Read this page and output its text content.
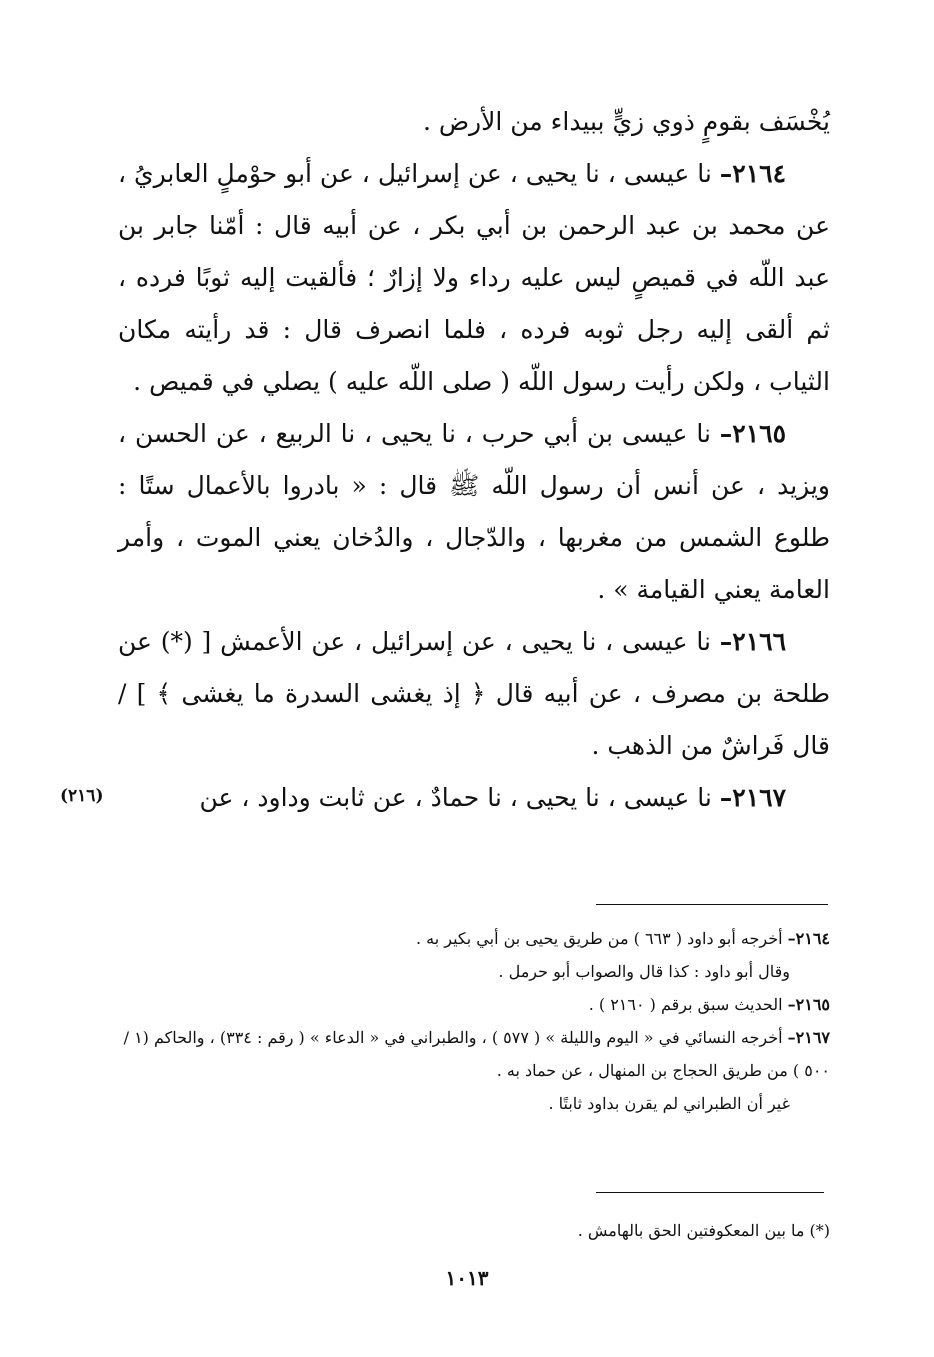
يُخْسَف بقومٍ ذوي زيٍّ ببيداء من الأرض .

٢١٦٤– نا عيسى ، نا يحيى ، عن إسرائيل ، عن أبو حوْملٍ العابريُ ، عن محمد بن عبد الرحمن بن أبي بكر ، عن أبيه قال : أمّنا جابر بن عبد اللّه في قميصٍ ليس عليه رداء ولا إزارٌ ؛ فألقيت إليه ثوبًا فرده ، ثم ألقى إليه رجل ثوبه فرده ، فلما انصرف قال : قد رأيته مكان الثياب ، ولكن رأيت رسول اللّه ( صلى اللّه عليه ) يصلي في قميص .

٢١٦٥– نا عيسى بن أبي حرب ، نا يحيى ، نا الربيع ، عن الحسن ، ويزيد ، عن أنس أن رسول اللّه ﷺ قال : « بادروا بالأعمال ستًا : طلوع الشمس من مغربها ، والدّجال ، والدُخان يعني الموت ، وأمر العامة يعني القيامة » .

٢١٦٦– نا عيسى ، نا يحيى ، عن إسرائيل ، عن الأعمش [ (*) عن طلحة بن مصرف ، عن أبيه قال ﴿ إذ يغشى السدرة ما يغشى ﴾ ] / قال فَراشٌ من الذهب .

٢١٦٧– نا عيسى ، نا يحيى ، نا حمادٌ ، عن ثابت وداود ، عن

(٢١٦)

٢١٦٤– أخرجه أبو داود ( ٦٦٣ ) من طريق يحيى بن أبي بكير به .

وقال أبو داود : كذا قال والصواب أبو حرمل .

٢١٦٥– الحديث سبق برقم ( ٢١٦٠ ) .

٢١٦٧– أخرجه النسائي في « اليوم والليلة » ( ٥٧٧ ) ، والطبراني في « الدعاء » ( رقم : ٣٣٤) ، والحاكم (١ / ٥٠٠ ) من طريق الحجاج بن المنهال ، عن حماد به .

غير أن الطبراني لم يقرن بداود ثابتًا .

(*) ما بين المعكوفتين الحق بالهامش .
١٠١٣
